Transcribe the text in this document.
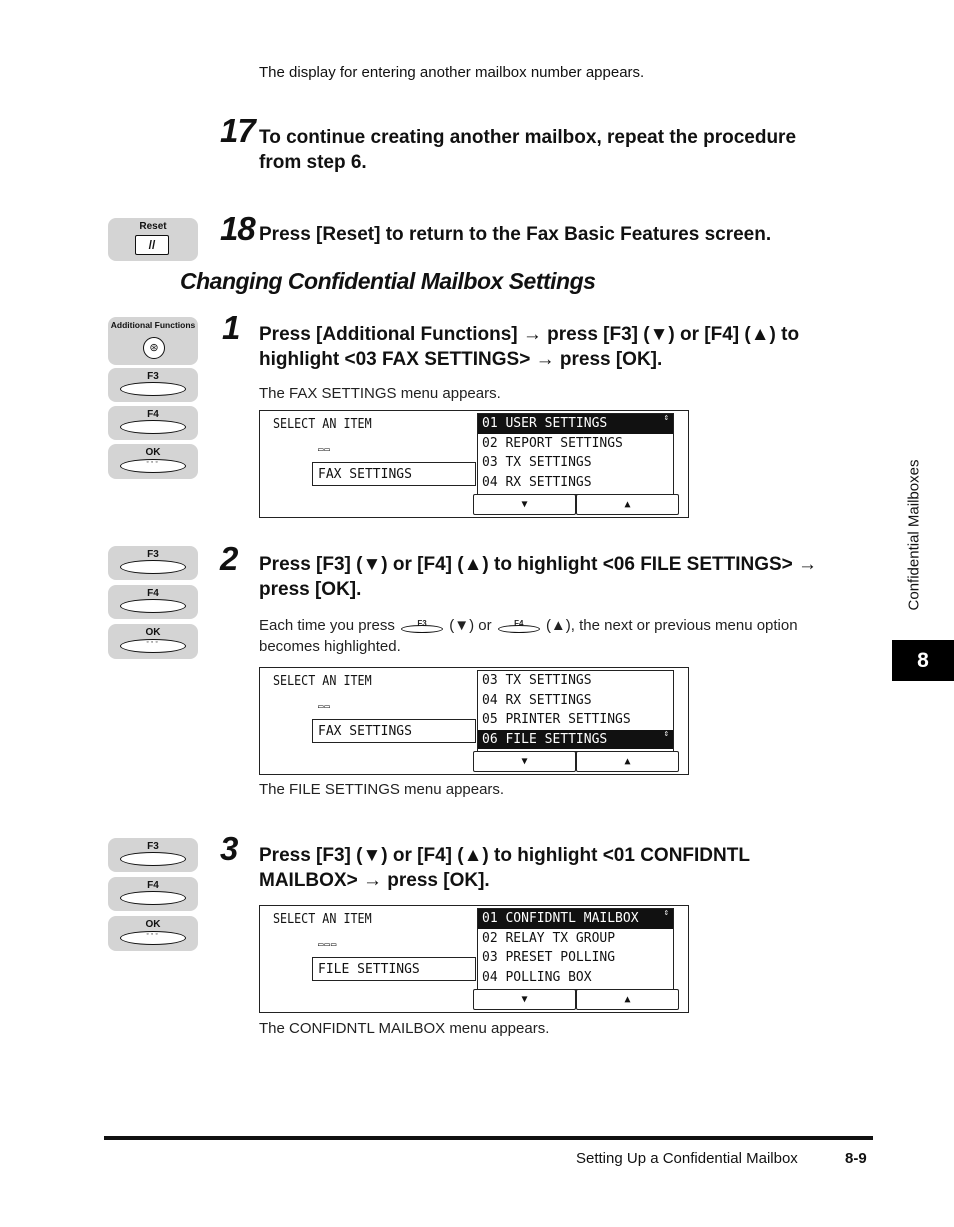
The display for entering another mailbox number appears.
17 To continue creating another mailbox, repeat the procedure
from step 6.
Reset
//	18 Press [Reset] to return to the Fax Basic Features screen.
Changing Confidential Mailbox Settings
Additional Functions
⊛
F3
F4
OK
◦◦◦
1 Press [Additional Functions] → press [F3] (▼) or [F4] (▲) to
highlight <03 FAX SETTINGS> → press [OK].
The FAX SETTINGS menu appears.
SELECT AN ITEM
▭▭
FAX SETTINGS
01 USER SETTINGS	⇕
02 REPORT SETTINGS
03 TX SETTINGS
04 RX SETTINGS
▼	▲
F3
F4
OK
◦◦◦
2 Press [F3] (▼) or [F4] (▲) to highlight <06 FILE SETTINGS> →
press [OK].
Each time you press	F3	(▼) or	F4	(▲), the next or previous menu option
becomes highlighted.
SELECT AN ITEM
▭▭
FAX SETTINGS
03 TX SETTINGS
04 RX SETTINGS
05 PRINTER SETTINGS
06 FILE SETTINGS	⇕
▼	▲
The FILE SETTINGS menu appears.
F3
F4
OK
◦◦◦
3 Press [F3] (▼) or [F4] (▲) to highlight <01 CONFIDNTL
MAILBOX> → press [OK].
SELECT AN ITEM
▭▭▭
FILE SETTINGS
01 CONFIDNTL MAILBOX	⇕
02 RELAY TX GROUP
03 PRESET POLLING
04 POLLING BOX
▼	▲
The CONFIDNTL MAILBOX menu appears.
Confidential Mailboxes
8
Setting Up a Confidential Mailbox	8-9
